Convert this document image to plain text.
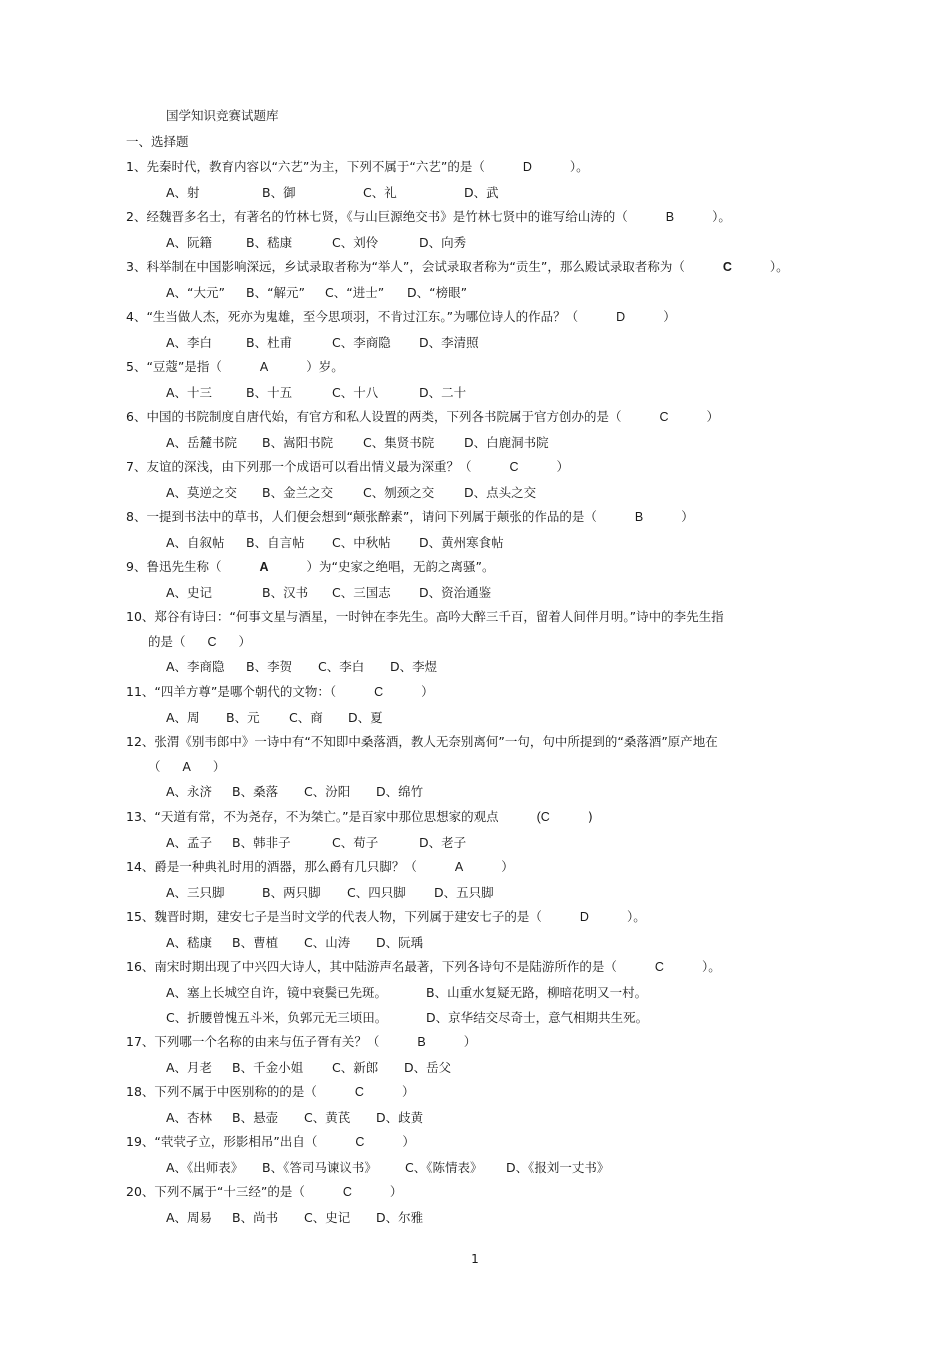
国学知识竞赛试题库
一、选择题
1、先秦时代，教育内容以“六艺”为主，下列不属于“六艺”的是（	D	）。
A、射	B、御	C、礼	D、武
2、经魏晋多名士，有著名的竹林七贤，《与山巨源绝交书》是竹林七贤中的谁写给山涛的（	B	）。
A、阮籍	B、嵇康	C、刘伶	D、向秀
3、科举制在中国影响深远，乡试录取者称为“举人”，会试录取者称为“贡生”，那么殿试录取者称为（	C	）。
A、“大元” B、“解元” C、“进士” D、“榜眼”
4、“生当做人杰，死亦为鬼雄，至今思项羽，不肯过江东。”为哪位诗人的作品？（	D	）
A、李白	B、杜甫	C、李商隐 D、李清照
5、“豆蔻”是指（	A	）岁。
A、十三	B、十五	C、十八	D、二十
6、中国的书院制度自唐代始，有官方和私人设置的两类，下列各书院属于官方创办的是（	C	）
A、岳麓书院 B、嵩阳书院 C、集贤书院 D、白鹿洞书院
7、友谊的深浅，由下列那一个成语可以看出情义最为深重？（	C	）
A、莫逆之交 B、金兰之交 C、刎颈之交 D、点头之交
8、一提到书法中的草书，人们便会想到“颠张醉素”，请问下列属于颠张的作品的是（	B	）
A、自叙帖 B、自言帖 C、中秋帖 D、黄州寒食帖
9、鲁迅先生称（	A	）为“史家之绝唱，无韵之离骚”。
A、史记	B、汉书 C、三国志 D、资治通鉴
10、郑谷有诗曰：“何事文星与酒星，一时钟在李先生。高吟大醉三千百，留着人间伴月明。”诗中的李先生指
的是（ C ）
A、李商隐 B、李贺 C、李白 D、李煜
11、“四羊方尊”是哪个朝代的文物：（	C	）
A、周 B、元 C、商 D、夏
12、张渭《别韦郎中》一诗中有“不知即中桑落酒，教人无奈别离何”一句，句中所提到的“桑落酒”原产地在
（ A ）
A、永济 B、桑落 C、汾阳 D、绵竹
13、“天道有常，不为尧存，不为桀亡。”是百家中那位思想家的观点	(C	)
A、孟子 B、韩非子	C、荀子	D、老子
14、爵是一种典礼时用的酒器，那么爵有几只脚？（	A	）
A、三只脚	B、两只脚 C、四只脚 D、五只脚
15、魏晋时期，建安七子是当时文学的代表人物，下列属于建安七子的是（	D	）。
A、嵇康 B、曹植 C、山涛 D、阮瑀
16、南宋时期出现了中兴四大诗人，其中陆游声名最著，下列各诗句不是陆游所作的是（	C	）。
A、塞上长城空自许，镜中衰鬓已先斑。	B、山重水复疑无路，柳暗花明又一村。
C、折腰曾愧五斗米，负郭元无三顷田。	D、京华结交尽奇士，意气相期共生死。
17、下列哪一个名称的由来与伍子胥有关？（	B	）
A、月老 B、千金小姐 C、新郎 D、岳父
18、下列不属于中医别称的的是（	C	）
A、杏林 B、悬壶 C、黄芪 D、歧黄
19、“茕茕孑立，形影相吊”出自（	C	）
A、《出师表》 B、《答司马谏议书》 C、《陈情表》 D、《报刘一丈书》
20、下列不属于“十三经”的是（	C	）
A、周易 B、尚书 C、史记 D、尔雅
1
